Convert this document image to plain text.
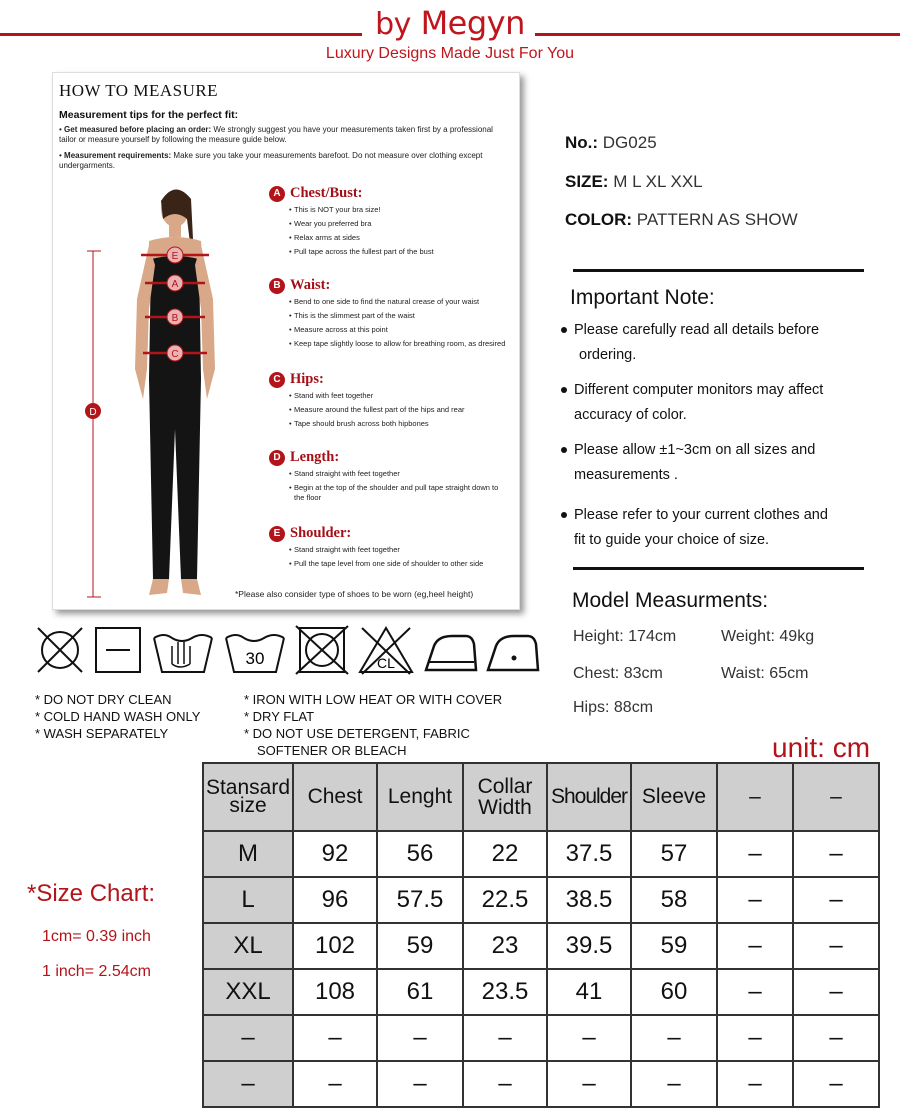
by Megyn
Luxury Designs Made Just For You
HOW TO MEASURE
Measurement tips for the perfect fit:
• Get measured before placing an order: We strongly suggest you have your measurements taken first by a professional tailor or measure yourself by following the measure guide below.
• Measurement requirements: Make sure you take your measurements barefoot. Do not measure over clothing except undergarments.
E
A
B
C
D
A Chest/Bust:
• This is NOT your bra size!
• Wear you preferred bra
• Relax arms at sides
• Pull tape across the fullest part of the bust
B Waist:
• Bend to one side to find the natural crease of your waist
• This is the slimmest part of the waist
• Measure across at this point
• Keep tape slightly loose to allow for breathing room, as dresired
C Hips:
• Stand with feet together
• Measure around the fullest part of the hips and rear
• Tape should brush across both hipbones
D Length:
• Stand straight with feet together
• Begin at the top of the shoulder and pull tape straight down to the floor
E Shoulder:
• Stand straight with feet together
• Pull the tape level from one side of shoulder to other side
*Please also consider type of shoes to be worn (eg,heel height)
No.: DG025
SIZE: M L XL XXL
COLOR: PATTERN AS SHOW
Important Note:
Please carefully read all details before
ordering.
Different computer monitors may affect
accuracy of color.
Please allow ±1~3cm on all sizes and
measurements .
Please refer to your current clothes and
fit to guide your choice of size.
Model Measurments:
Height: 174cm	Weight: 49kg
Chest: 83cm	Waist: 65cm
Hips: 88cm
30	CL
* DO NOT DRY CLEAN
* COLD HAND WASH ONLY
* WASH SEPARATELY
* IRON WITH LOW HEAT OR WITH COVER
* DRY FLAT
* DO NOT USE DETERGENT, FABRIC
SOFTENER OR BLEACH	unit: cm
*Size Chart:
1cm= 0.39 inch
1 inch= 2.54cm
Stansard size	Chest	Lenght	Collar Width	Shoulder	Sleeve	–	–
M	92	56	22	37.5	57	–	–
L	96	57.5	22.5	38.5	58	–	–
XL	102	59	23	39.5	59	–	–
XXL	108	61	23.5	41	60	–	–
–	–	–	–	–	–	–	–
–	–	–	–	–	–	–	–
